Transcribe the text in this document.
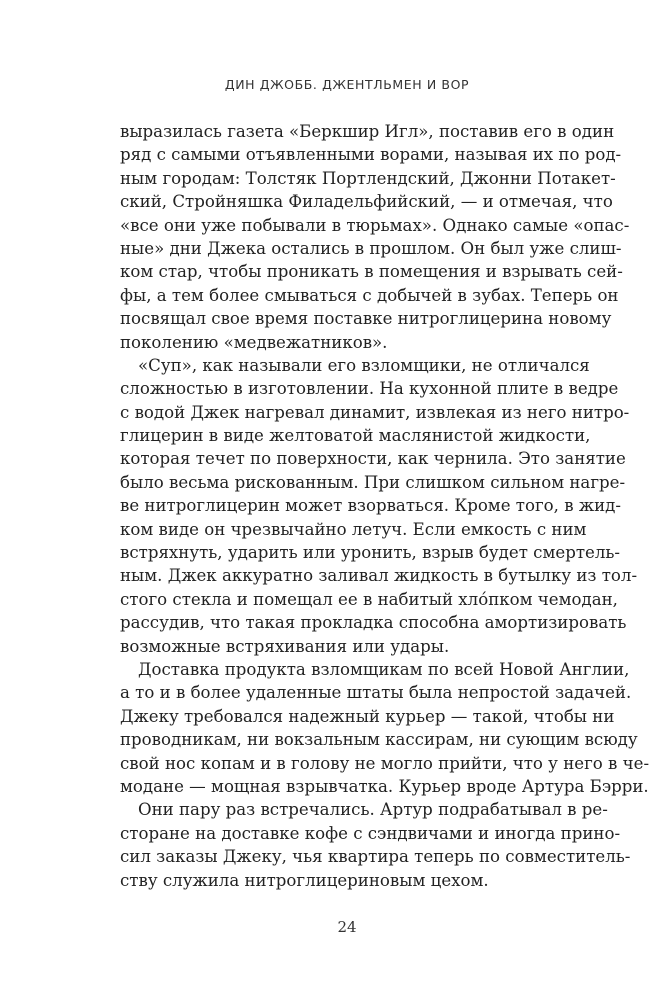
ДИН ДЖОББ. ДЖЕНТЛЬМЕН И ВОР
выразилась газета «Беркшир Игл», поставив его в один
ряд с самыми отъявленными ворами, называя их по род-
ным городам: Толстяк Портлендский, Джонни Потакет-
ский, Стройняшка Филадельфийский, — и отмечая, что
«все они уже побывали в тюрьмах». Однако самые «опас-
ные» дни Джека остались в прошлом. Он был уже слиш-
ком стар, чтобы проникать в помещения и взрывать сей-
фы, а тем более смываться с добычей в зубах. Теперь он
посвящал свое время поставке нитроглицерина новому
поколению «медвежатников».
«Суп», как называли его взломщики, не отличался
сложностью в изготовлении. На кухонной плите в ведре
с водой Джек нагревал динамит, извлекая из него нитро-
глицерин в виде желтоватой маслянистой жидкости,
которая течет по поверхности, как чернила. Это занятие
было весьма рискованным. При слишком сильном нагре-
ве нитроглицерин может взорваться. Кроме того, в жид-
ком виде он чрезвычайно летуч. Если емкость с ним
встряхнуть, ударить или уронить, взрыв будет смертель-
ным. Джек аккуратно заливал жидкость в бутылку из тол-
стого стекла и помещал ее в набитый хло́пком чемодан,
рассудив, что такая прокладка способна амортизировать
возможные встряхивания или удары.
Доставка продукта взломщикам по всей Новой Англии,
а то и в более удаленные штаты была непростой задачей.
Джеку требовался надежный курьер — такой, чтобы ни
проводникам, ни вокзальным кассирам, ни сующим всюду
свой нос копам и в голову не могло прийти, что у него в че-
модане — мощная взрывчатка. Курьер вроде Артура Бэрри.
Они пару раз встречались. Артур подрабатывал в ре-
сторане на доставке кофе с сэндвичами и иногда прино-
сил заказы Джеку, чья квартира теперь по совместитель-
ству служила нитроглицериновым цехом.
24
